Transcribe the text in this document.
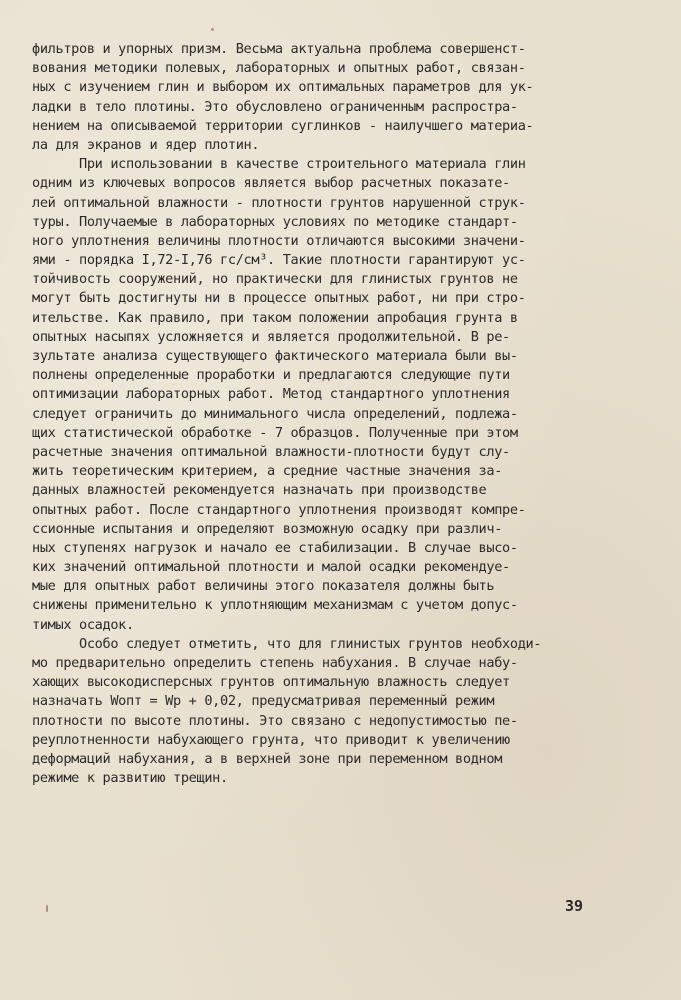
фильтров и упорных призм. Весьма актуальна проблема совершенст-
вования методики полевых, лабораторных и опытных работ, связан-
ных с изучением глин и выбором их оптимальных параметров для ук-
ладки в тело плотины. Это обусловлено ограниченным распростра-
нением на описываемой территории суглинков - наилучшего материа-
ла для экранов и ядер плотин.
При использовании в качестве строительного материала глин
одним из ключевых вопросов является выбор расчетных показате-
лей оптимальной влажности - плотности грунтов нарушенной струк-
туры. Получаемые в лабораторных условиях по методике стандарт-
ного уплотнения величины плотности отличаются высокими значени-
ями - порядка I,72-I,76 гс/см³. Такие плотности гарантируют ус-
тойчивость сооружений, но практически для глинистых грунтов не
могут быть достигнуты ни в процессе опытных работ, ни при стро-
ительстве. Как правило, при таком положении апробация грунта в
опытных насыпях усложняется и является продолжительной. В ре-
зультате анализа существующего фактического материала были вы-
полнены определенные проработки и предлагаются следующие пути
оптимизации лабораторных работ. Метод стандартного уплотнения
следует ограничить до минимального числа определений, подлежа-
щих статистической обработке - 7 образцов. Полученные при этом
расчетные значения оптимальной влажности-плотности будут слу-
жить теоретическим критерием, а средние частные значения за-
данных влажностей рекомендуется назначать при производстве
опытных работ. После стандартного уплотнения производят компре-
ссионные испытания и определяют возможную осадку при различ-
ных ступенях нагрузок и начало ее стабилизации. В случае высо-
ких значений оптимальной плотности и малой осадки рекомендуе-
мые для опытных работ величины этого показателя должны быть
снижены применительно к уплотняющим механизмам с учетом допус-
тимых осадок.
Особо следует отметить, что для глинистых грунтов необходи-
мо предварительно определить степень набухания. В случае набу-
хающих высокодисперсных грунтов оптимальную влажность следует
назначать Wопт = Wр + 0,02, предусматривая переменный режим
плотности по высоте плотины. Это связано с недопустимостью пе-
реуплотненности набухающего грунта, что приводит к увеличению
деформаций набухания, а в верхней зоне при переменном водном
режиме к развитию трещин.
39
